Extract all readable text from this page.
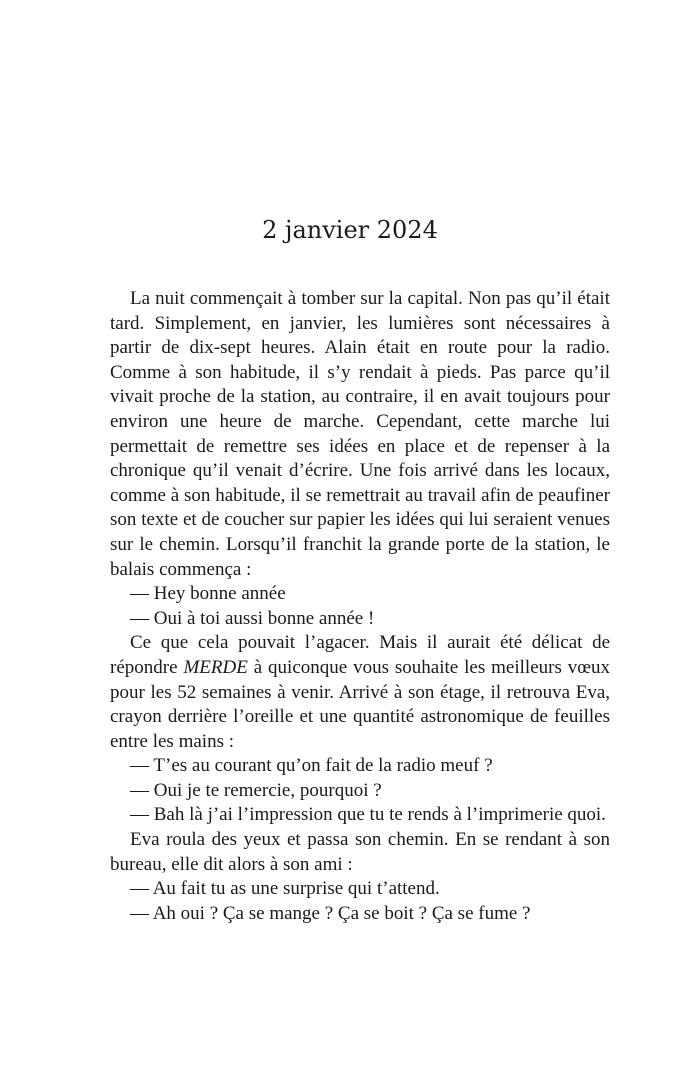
2 janvier 2024

La nuit commençait à tomber sur la capital. Non pas qu’il était tard. Simplement, en janvier, les lumières sont nécessaires à partir de dix-sept heures. Alain était en route pour la radio. Comme à son habitude, il s’y rendait à pieds. Pas parce qu’il vivait proche de la station, au contraire, il en avait toujours pour environ une heure de marche. Cependant, cette marche lui permettait de remettre ses idées en place et de repenser à la chronique qu’il venait d’écrire. Une fois arrivé dans les locaux, comme à son habitude, il se remettrait au travail afin de peaufiner son texte et de coucher sur papier les idées qui lui seraient venues sur le chemin. Lorsqu’il franchit la grande porte de la station, le balais commença :

— Hey bonne année

— Oui à toi aussi bonne année !

Ce que cela pouvait l’agacer. Mais il aurait été délicat de répondre MERDE à quiconque vous souhaite les meilleurs vœux pour les 52 semaines à venir. Arrivé à son étage, il retrouva Eva, crayon derrière l’oreille et une quantité astronomique de feuilles entre les mains :

— T’es au courant qu’on fait de la radio meuf ?

— Oui je te remercie, pourquoi ?

— Bah là j’ai l’impression que tu te rends à l’imprimerie quoi.

Eva roula des yeux et passa son chemin. En se rendant à son bureau, elle dit alors à son ami :

— Au fait tu as une surprise qui t’attend.

— Ah oui ? Ça se mange ? Ça se boit ? Ça se fume ?
